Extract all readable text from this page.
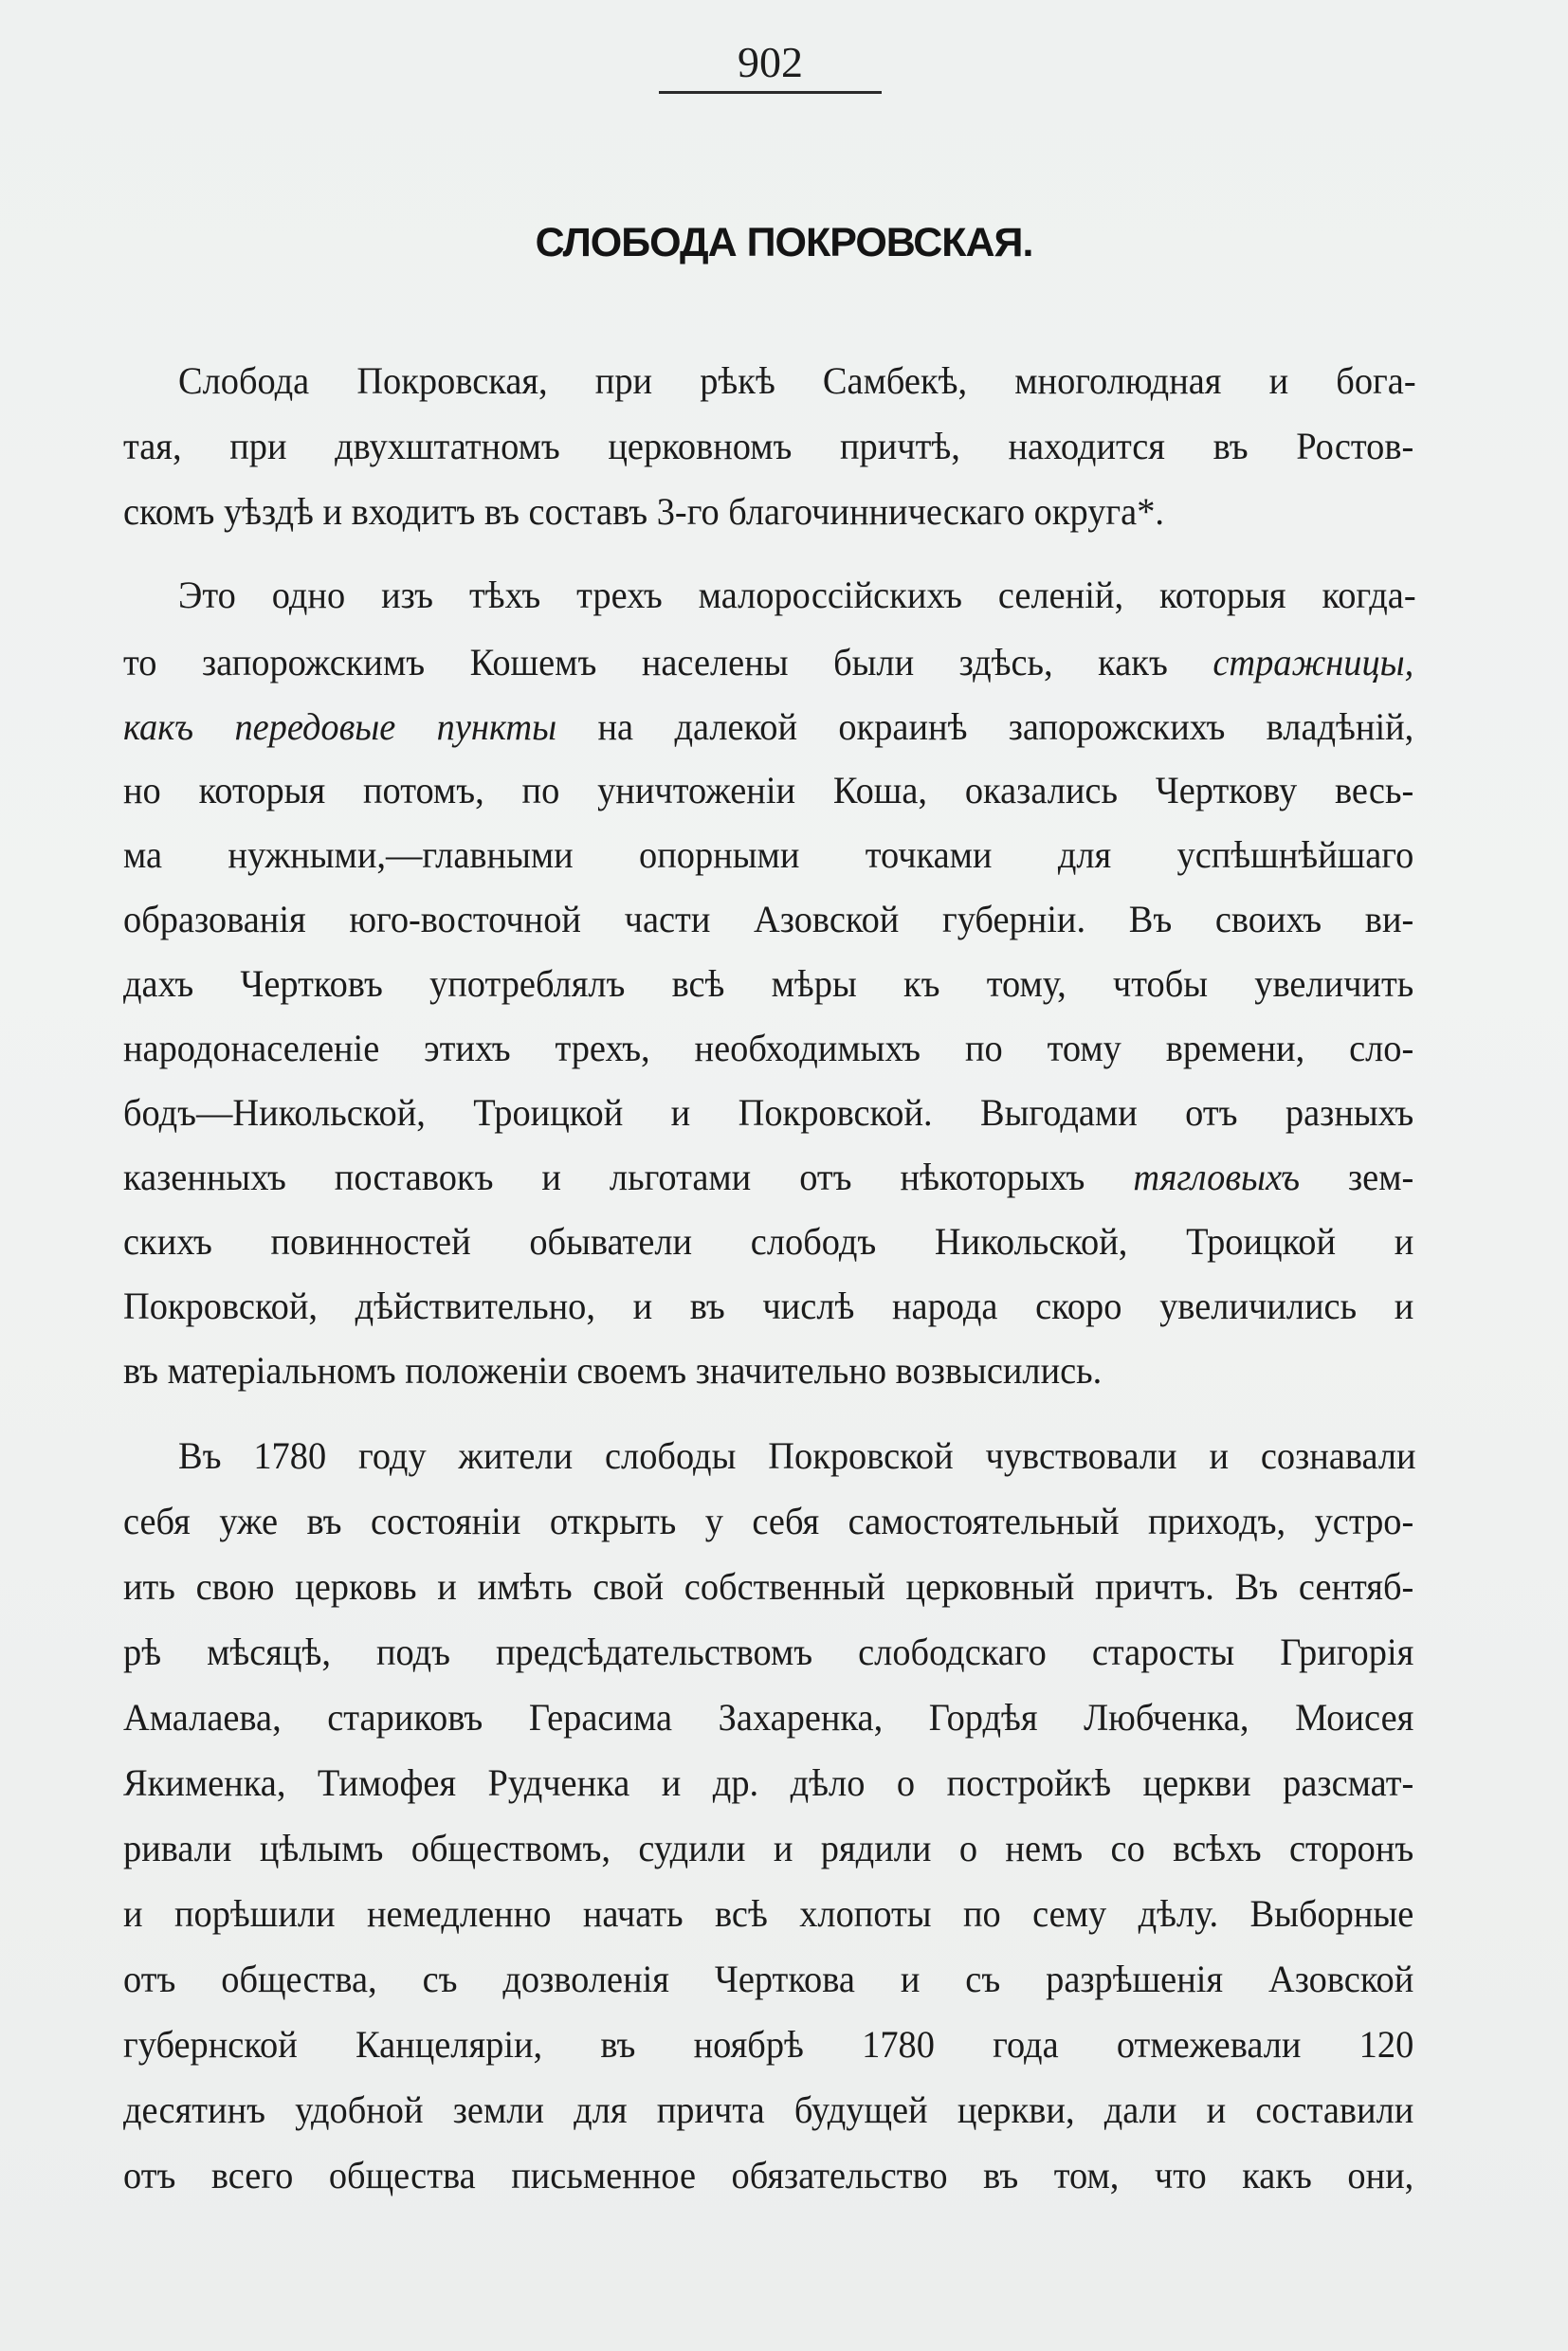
902
СЛОБОДА ПОКРОВСКАЯ.
Слобода Покровская, при рѣкѣ Самбекѣ, многолюдная и бога-
тая, при двухштатномъ церковномъ причтѣ, находится въ Ростов-
скомъ уѣздѣ и входитъ въ составъ 3-го благочинническаго округа*.
Это одно изъ тѣхъ трехъ малороссійскихъ селеній, которыя когда-
то запорожскимъ Кошемъ населены были здѣсь, какъ стражницы,
какъ передовые пункты на далекой окраинѣ запорожскихъ владѣній,
но которыя потомъ, по уничтоженіи Коша, оказались Черткову весь-
ма нужными,—главными опорными точками для успѣшнѣйшаго
образованія юго-восточной части Азовской губерніи. Въ своихъ ви-
дахъ Чертковъ употреблялъ всѣ мѣры къ тому, чтобы увеличить
народонаселеніе этихъ трехъ, необходимыхъ по тому времени, сло-
бодъ—Никольской, Троицкой и Покровской. Выгодами отъ разныхъ
казенныхъ поставокъ и льготами отъ нѣкоторыхъ тягловыхъ зем-
скихъ повинностей обыватели слободъ Никольской, Троицкой и
Покровской, дѣйствительно, и въ числѣ народа скоро увеличились и
въ матеріальномъ положеніи своемъ значительно возвысились.
Въ 1780 году жители слободы Покровской чувствовали и сознавали
себя уже въ состояніи открыть у себя самостоятельный приходъ, устро-
ить свою церковь и имѣть свой собственный церковный причтъ. Въ сентяб-
рѣ мѣсяцѣ, подъ предсѣдательствомъ слободскаго старосты Григорія
Амалаева, стариковъ Герасима Захаренка, Гордѣя Любченка, Моисея
Якименка, Тимофея Рудченка и др. дѣло о постройкѣ церкви разсмат-
ривали цѣлымъ обществомъ, судили и рядили о немъ со всѣхъ сторонъ
и порѣшили немедленно начать всѣ хлопоты по сему дѣлу. Выборные
отъ общества, съ дозволенія Черткова и съ разрѣшенія Азовской
губернской Канцеляріи, въ ноябрѣ 1780 года отмежевали 120
десятинъ удобной земли для причта будущей церкви, дали и составили
отъ всего общества письменное обязательство въ том, что какъ они,
